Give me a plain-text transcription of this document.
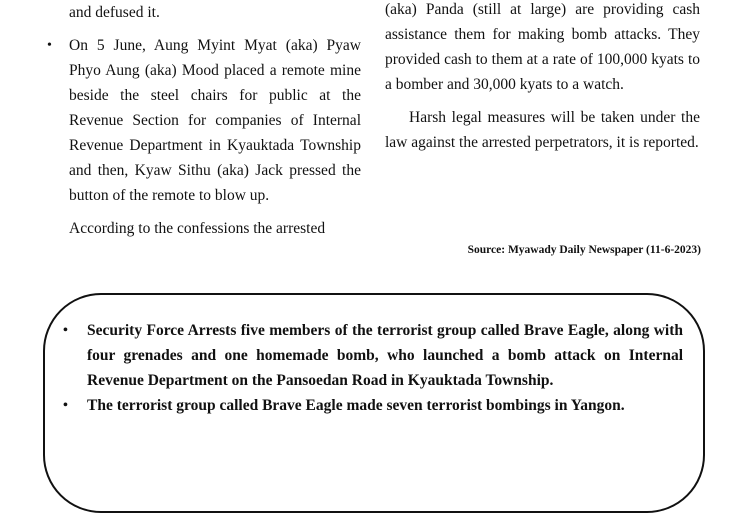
and defused it.

• On 5 June, Aung Myint Myat (aka) Pyaw Phyo Aung (aka) Mood placed a remote mine beside the steel chairs for public at the Revenue Section for companies of Internal Revenue Department in Kyauktada Township and then, Kyaw Sithu (aka) Jack pressed the button of the remote to blow up.

According to the confessions the arrested

(aka) Panda (still at large) are providing cash assistance them for making bomb attacks. They provided cash to them at a rate of 100,000 kyats to a bomber and 30,000 kyats to a watch.

Harsh legal measures will be taken under the law against the arrested perpetrators, it is reported.

Source: Myawady Daily Newspaper (11-6-2023)
• Security Force Arrests five members of the terrorist group called Brave Eagle, along with four grenades and one homemade bomb, who launched a bomb attack on Internal Revenue Department on the Pansoedan Road in Kyauktada Township.

• The terrorist group called Brave Eagle made seven terrorist bombings in Yangon.
